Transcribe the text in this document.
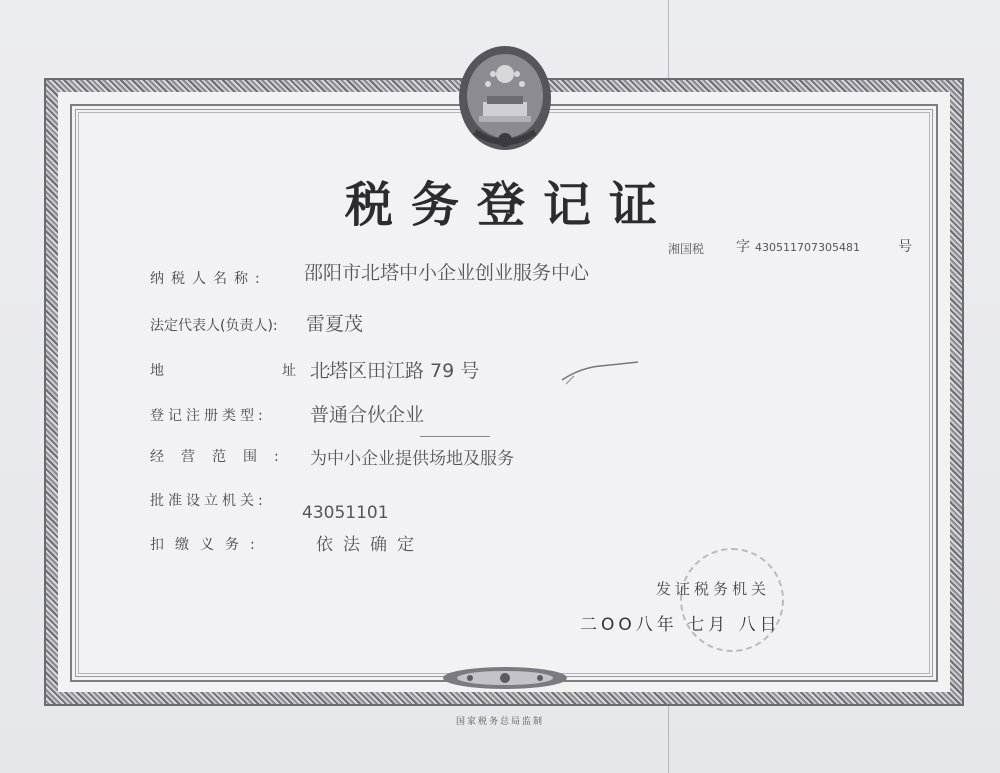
税务登记证
湘国税 字 430511707305481	号
纳税人名称: 邵阳市北塔中小企业创业服务中心
法定代表人(负责人): 雷夏茂
地　　址:
北塔区田江路 79 号
登记注册类型: 普通合伙企业
经营范围: 为中小企业提供场地及服务
批准设立机关:
43051101
扣缴义务:	依法确定
发证税务机关
二OO八年 七月 八日
国家税务总局监制
